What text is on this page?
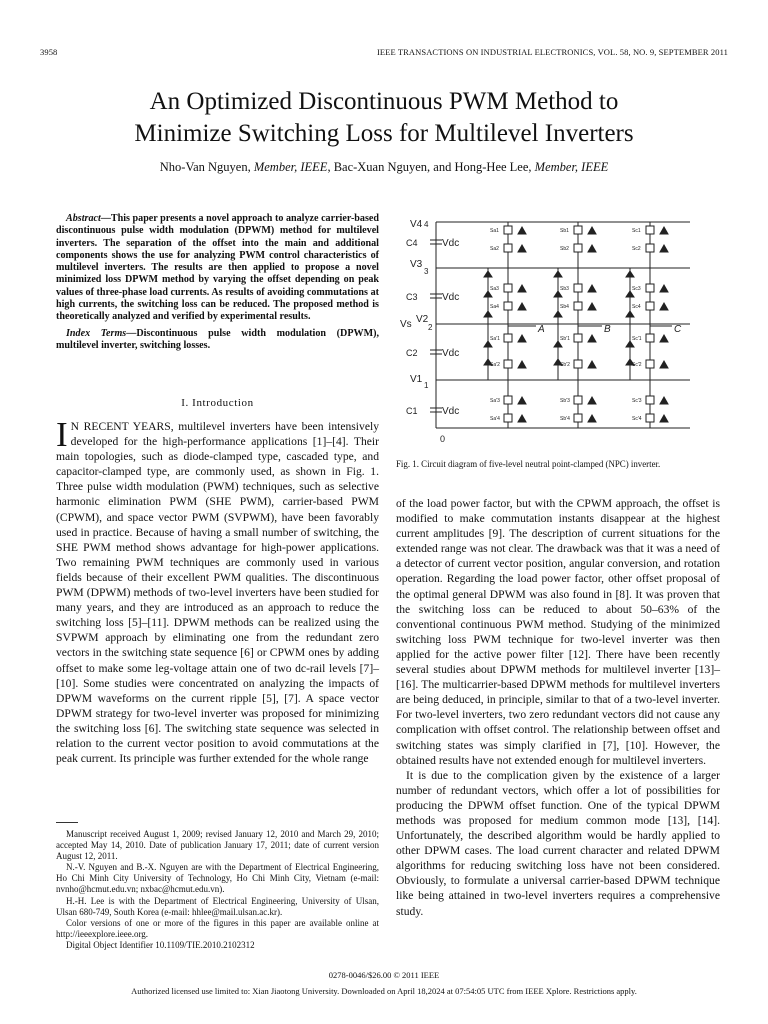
3958	IEEE TRANSACTIONS ON INDUSTRIAL ELECTRONICS, VOL. 58, NO. 9, SEPTEMBER 2011
An Optimized Discontinuous PWM Method to
Minimize Switching Loss for Multilevel Inverters
Nho-Van Nguyen, Member, IEEE, Bac-Xuan Nguyen, and Hong-Hee Lee, Member, IEEE

Abstract—This paper presents a novel approach to analyze carrier-based discontinuous pulse width modulation (DPWM) method for multilevel inverters. The separation of the offset into the main and additional components shows the use for analyzing PWM control characteristics of multilevel inverters. The results are then applied to propose a novel minimized loss DPWM method by varying the offset depending on peak values of three-phase load currents. As results of avoiding commutations at high currents, the switching loss can be reduced. The proposed method is theoretically analyzed and verified by experimental results.

Index Terms—Discontinuous pulse width modulation (DPWM), multilevel inverter, switching losses.

I. Introduction
I N RECENT YEARS, multilevel inverters have been intensively developed for the high-performance applications [1]–[4]. Their main topologies, such as diode-clamped type, cascaded type, and capacitor-clamped type, are commonly used, as shown in Fig. 1. Three pulse width modulation (PWM) techniques, such as selective harmonic elimination PWM (SHE PWM), carrier-based PWM (CPWM), and space vector PWM (SVPWM), have been favorably used in practice. Because of having a small number of switching, the SHE PWM method shows advantage for high-power applications. Two remaining PWM techniques are commonly used in various fields because of their excellent PWM qualities. The discontinuous PWM (DPWM) methods of two-level inverters have been studied for many years, and they are introduced as an approach to reduce the switching loss [5]–[11]. DPWM methods can be realized using the SVPWM approach by eliminating one from the redundant zero vectors in the switching state sequence [6] or CPWM ones by adding offset to make some leg-voltage attain one of two dc-rail levels [7]–[10]. Some studies were concentrated on analyzing the impacts of DPWM waveforms on the current ripple [5], [7]. A space vector DPWM strategy for two-level inverter was proposed for minimizing the switching loss [6]. The switching state sequence was selected in relation to the current vector position to avoid commutations at the peak current. Its principle was further extended for the whole range

Manuscript received August 1, 2009; revised January 12, 2010 and March 29, 2010; accepted May 14, 2010. Date of publication January 17, 2011; date of current version August 12, 2011.

N.-V. Nguyen and B.-X. Nguyen are with the Department of Electrical Engineering, Ho Chi Minh City University of Technology, Ho Chi Minh City, Vietnam (e-mail: nvnho@hcmut.edu.vn; nxbac@hcmut.edu.vn).

H.-H. Lee is with the Department of Electrical Engineering, University of Ulsan, Ulsan 680-749, South Korea (e-mail: hhlee@mail.ulsan.ac.kr).

Color versions of one or more of the figures in this paper are available online at http://ieeexplore.ieee.org.

Digital Object Identifier 10.1109/TIE.2010.2102312

V4 4
C4 Vdc
V3
3
C3 Vdc
Vs V2
2
C2 Vdc
V1
1
C1 Vdc
0
A	B	C
Sa1
Sa2
Sa3
Sa4
Sa'1
Sa'2
Sa'3
Sa'4
Sb1
Sb2
Sb3
Sb4
Sb'1
Sb'2
Sb'3
Sb'4
Sc1
Sc2
Sc3
Sc4
Sc'1
Sc'2
Sc'3
Sc'4
Fig. 1. Circuit diagram of five-level neutral point-clamped (NPC) inverter.

of the load power factor, but with the CPWM approach, the offset is modified to make commutation instants disappear at the highest current amplitudes [9]. The description of current situations for the extended range was not clear. The drawback was that it was a need of a detector of current vector position, angular conversion, and rotation operation. Regarding the load power factor, other offset proposal of the optimal general DPWM was also found in [8]. It was proven that the switching loss can be reduced to about 50–63% of the conventional continuous PWM method. Studying of the minimized switching loss PWM technique for two-level inverter was then applied for the active power filter [12]. There have been recently several studies about DPWM methods for multilevel inverter [13]–[16]. The multicarrier-based DPWM methods for multilevel inverters are being deduced, in principle, similar to that of a two-level inverter. For two-level inverters, two zero redundant vectors did not cause any complication with offset control. The relationship between offset and switching states was simply clarified in [7], [10]. However, the obtained results have not extended enough for multilevel inverters.

It is due to the complication given by the existence of a larger number of redundant vectors, which offer a lot of possibilities for producing the DPWM offset function. One of the typical DPWM methods was proposed for medium common mode [13], [14]. Unfortunately, the described algorithm would be hardly applied to other DPWM cases. The load current character and related DPWM algorithms for reducing switching loss have not been considered. Obviously, to formulate a universal carrier-based DPWM technique like being attained in two-level inverters requires a comprehensive study.

0278-0046/$26.00 © 2011 IEEE
Authorized licensed use limited to: Xian Jiaotong University. Downloaded on April 18,2024 at 07:54:05 UTC from IEEE Xplore. Restrictions apply.
